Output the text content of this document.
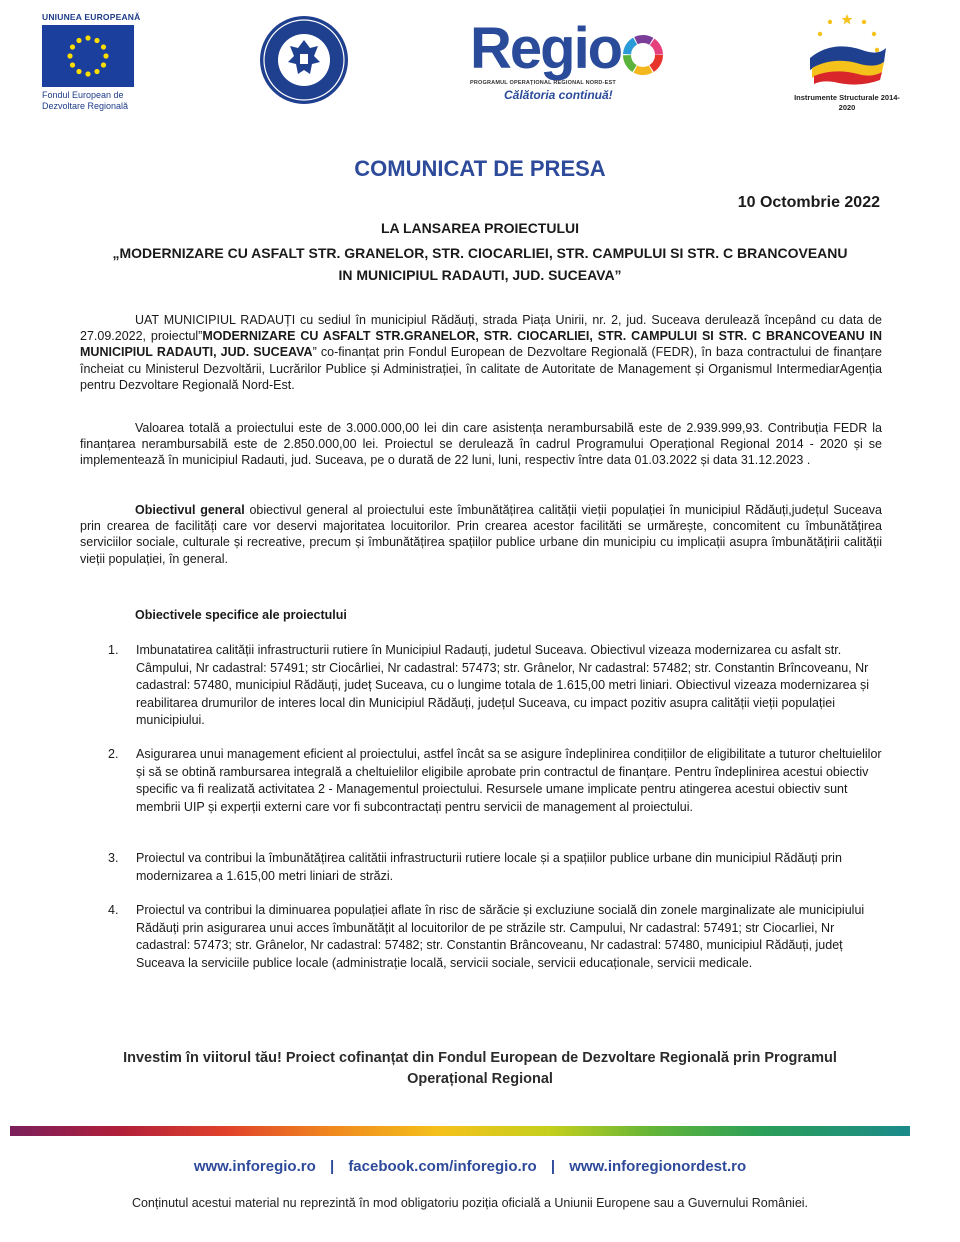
UNIUNEA EUROPEANĂ
Fondul European de Dezvoltare Regională
Regio
PROGRAMUL OPERAȚIONAL REGIONAL NORD-EST
Călătoria continuă!	Instrumente Structurale 2014-2020
COMUNICAT DE PRESA
10 Octombrie 2022
LA LANSAREA PROIECTULUI
„MODERNIZARE CU ASFALT STR. GRANELOR, STR. CIOCARLIEI, STR. CAMPULUI SI STR. C BRANCOVEANU IN MUNICIPIUL RADAUTI, JUD. SUCEAVA”
UAT MUNICIPIUL RADAUȚI cu sediul în municipiul Rădăuți, strada Piața Unirii, nr. 2, jud. Suceava derulează începând cu data de 27.09.2022, proiectul”MODERNIZARE CU ASFALT STR.GRANELOR, STR. CIOCARLIEI, STR. CAMPULUI SI STR. C BRANCOVEANU IN MUNICIPIUL RADAUTI, JUD. SUCEAVA” co-finanțat prin Fondul European de Dezvoltare Regională (FEDR), în baza contractului de finanțare încheiat cu Ministerul Dezvoltării, Lucrărilor Publice și Administrației, în calitate de Autoritate de Management și Organismul IntermediarAgenția pentru Dezvoltare Regională Nord-Est.
Valoarea totală a proiectului este de 3.000.000,00 lei din care asistența nerambursabilă este de 2.939.999,93. Contribuția FEDR la finanțarea nerambursabilă este de 2.850.000,00 lei. Proiectul se derulează în cadrul Programului Operațional Regional 2014 - 2020 și se implementează în municipiul Radauti, jud. Suceava, pe o durată de 22 luni, luni, respectiv între data 01.03.2022 și data 31.12.2023 .
Obiectivul general obiectivul general al proiectului este îmbunătățirea calității vieții populației în municipiul Rădăuți,județul Suceava prin crearea de facilități care vor deservi majoritatea locuitorilor. Prin crearea acestor facilităti se urmărește, concomitent cu îmbunătățirea serviciilor sociale, culturale și recreative, precum și îmbunătățirea spațiilor publice urbane din municipiu cu implicații asupra îmbunătățirii calității vieții populației, în general.
Obiectivele specifice ale proiectului
1.	Imbunatatirea calității infrastructurii rutiere în Municipiul Radauți, judetul Suceava. Obiectivul vizeaza modernizarea cu asfalt str. Câmpului, Nr cadastral: 57491; str Ciocârliei, Nr cadastral: 57473; str. Grânelor, Nr cadastral: 57482; str. Constantin Brîncoveanu, Nr cadastral: 57480, municipiul Rădăuți, județ Suceava, cu o lungime totala de 1.615,00 metri liniari. Obiectivul vizeaza modernizarea și reabilitarea drumurilor de interes local din Municipiul Rădăuți, județul Suceava, cu impact pozitiv asupra calității vieții populației municipiului.
2.	Asigurarea unui management eficient al proiectului, astfel încât sa se asigure îndeplinirea condițiilor de eligibilitate a tuturor cheltuielilor și să se obtină rambursarea integrală a cheltuielilor eligibile aprobate prin contractul de finanțare. Pentru îndeplinirea acestui obiectiv specific va fi realizată activitatea 2 - Managementul proiectului. Resursele umane implicate pentru atingerea acestui obiectiv sunt membrii UIP și experții externi care vor fi subcontractați pentru servicii de management al proiectului.
3.	Proiectul va contribui la îmbunătățirea calitătii infrastructurii rutiere locale și a spațiilor publice urbane din municipiul Rădăuți prin modernizarea a 1.615,00 metri liniari de străzi.
4.	Proiectul va contribui la diminuarea populației aflate în risc de sărăcie și excluziune socială din zonele marginalizate ale municipiului Rădăuți prin asigurarea unui acces îmbunătățit al locuitorilor de pe străzile str. Campului, Nr cadastral: 57491; str Ciocarliei, Nr cadastral: 57473; str. Grânelor, Nr cadastral: 57482; str. Constantin Brâncoveanu, Nr cadastral: 57480, municipiul Rădăuți, județ Suceava la serviciile publice locale (administrație locală, servicii sociale, servicii educaționale, servicii medicale.
Investim în viitorul tău! Proiect cofinanțat din Fondul European de Dezvoltare Regională prin Programul Operațional Regional
www.inforegio.ro | facebook.com/inforegio.ro | www.inforegionordest.ro
Conținutul acestui material nu reprezintă în mod obligatoriu poziția oficială a Uniunii Europene sau a Guvernului României.
